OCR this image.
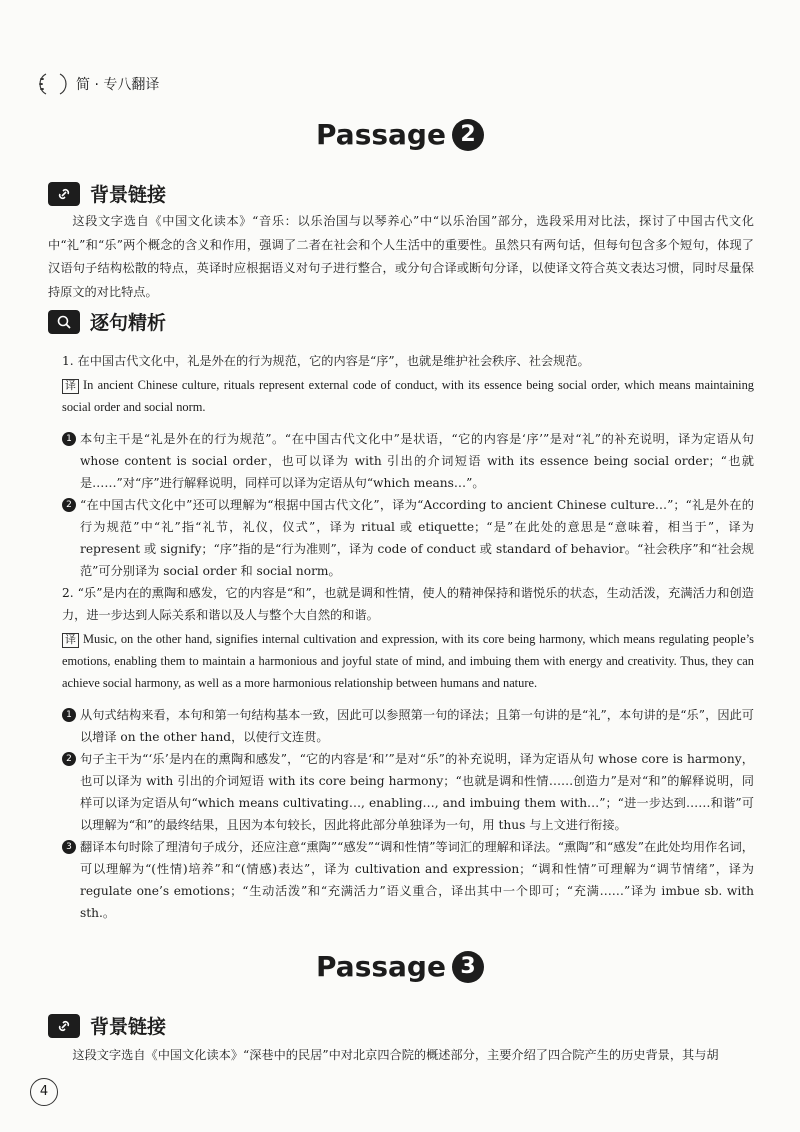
简 · 专八翻译
Passage 2
背景链接
这段文字选自《中国文化读本》“音乐：以乐治国与以琴养心”中“以乐治国”部分，选段采用对比法，探讨了中国古代文化中“礼”和“乐”两个概念的含义和作用，强调了二者在社会和个人生活中的重要性。虽然只有两句话，但每句包含多个短句，体现了汉语句子结构松散的特点，英译时应根据语义对句子进行整合，或分句合译或断句分译，以使译文符合英文表达习惯，同时尽量保持原文的对比特点。
逐句精析
1. 在中国古代文化中，礼是外在的行为规范，它的内容是“序”，也就是维护社会秩序、社会规范。
译 In ancient Chinese culture, rituals represent external code of conduct, with its essence being social order, which means maintaining social order and social norm.
1 本句主干是“礼是外在的行为规范”。“在中国古代文化中”是状语，“它的内容是‘序’”是对“礼”的补充说明，译为定语从句 whose content is social order，也可以译为 with 引出的介词短语 with its essence being social order；“也就是……”对“序”进行解释说明，同样可以译为定语从句“which means…”。
2 “在中国古代文化中”还可以理解为“根据中国古代文化”，译为“According to ancient Chinese culture…”；“礼是外在的行为规范”中“礼”指“礼节，礼仪，仪式”，译为 ritual 或 etiquette；“是”在此处的意思是“意味着，相当于”，译为 represent 或 signify；“序”指的是“行为准则”，译为 code of conduct 或 standard of behavior。“社会秩序”和“社会规范”可分别译为 social order 和 social norm。
2. “乐”是内在的熏陶和感发，它的内容是“和”，也就是调和性情，使人的精神保持和谐悦乐的状态，生动活泼，充满活力和创造力，进一步达到人际关系和谐以及人与整个大自然的和谐。
译 Music, on the other hand, signifies internal cultivation and expression, with its core being harmony, which means regulating people’s emotions, enabling them to maintain a harmonious and joyful state of mind, and imbuing them with energy and creativity. Thus, they can achieve social harmony, as well as a more harmonious relationship between humans and nature.
1 从句式结构来看，本句和第一句结构基本一致，因此可以参照第一句的译法；且第一句讲的是“礼”，本句讲的是“乐”，因此可以增译 on the other hand，以使行文连贯。
2 句子主干为“‘乐’是内在的熏陶和感发”，“它的内容是‘和’”是对“乐”的补充说明，译为定语从句 whose core is harmony，也可以译为 with 引出的介词短语 with its core being harmony；“也就是调和性情……创造力”是对“和”的解释说明，同样可以译为定语从句“which means cultivating…, enabling…, and imbuing them with…”；“进一步达到……和谐”可以理解为“和”的最终结果，且因为本句较长，因此将此部分单独译为一句，用 thus 与上文进行衔接。
3 翻译本句时除了理清句子成分，还应注意“熏陶”“感发”“调和性情”等词汇的理解和译法。“熏陶”和“感发”在此处均用作名词，可以理解为“(性情)培养”和“(情感)表达”，译为 cultivation and expression；“调和性情”可理解为“调节情绪”，译为 regulate one’s emotions；“生动活泼”和“充满活力”语义重合，译出其中一个即可；“充满……”译为 imbue sb. with sth.。
Passage 3
背景链接
这段文字选自《中国文化读本》“深巷中的民居”中对北京四合院的概述部分，主要介绍了四合院产生的历史背景，其与胡
4
